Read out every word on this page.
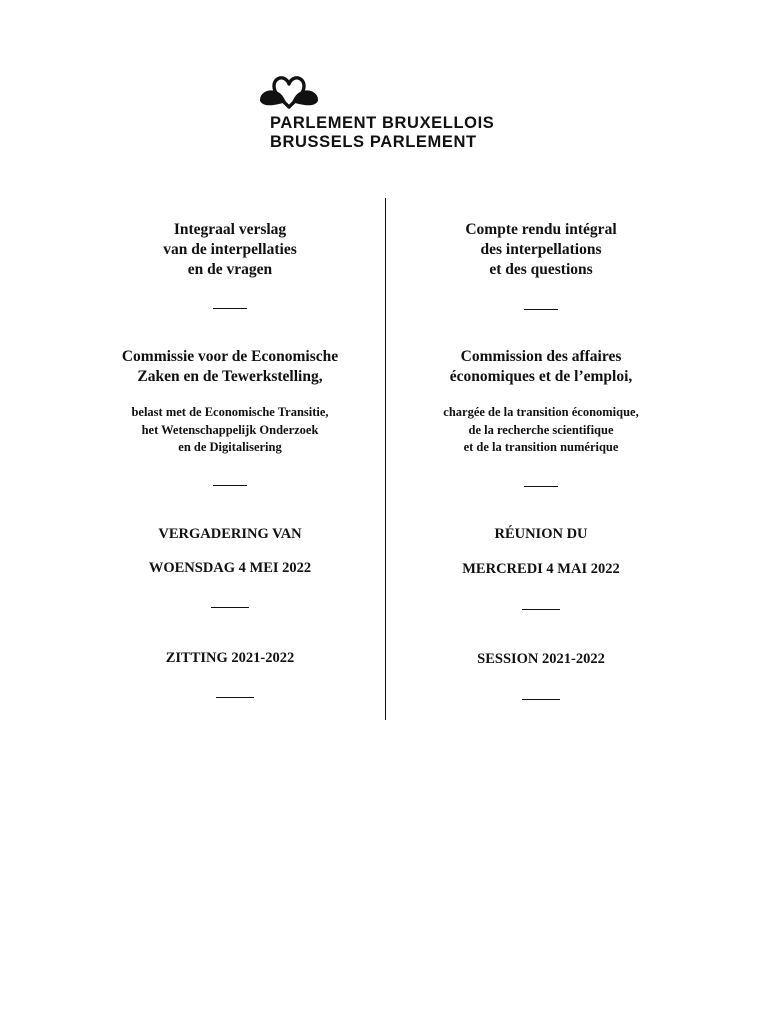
PARLEMENT BRUXELLOIS
BRUSSELS PARLEMENT

Integraal verslag
van de interpellaties
en de vragen

Commissie voor de Economische
Zaken en de Tewerkstelling,

belast met de Economische Transitie,
het Wetenschappelijk Onderzoek
en de Digitalisering

VERGADERING VAN

WOENSDAG 4 MEI 2022

ZITTING 2021-2022

Compte rendu intégral
des interpellations
et des questions

Commission des affaires
économiques et de l’emploi,

chargée de la transition économique,
de la recherche scientifique
et de la transition numérique

RÉUNION DU

MERCREDI 4 MAI 2022

SESSION 2021-2022
